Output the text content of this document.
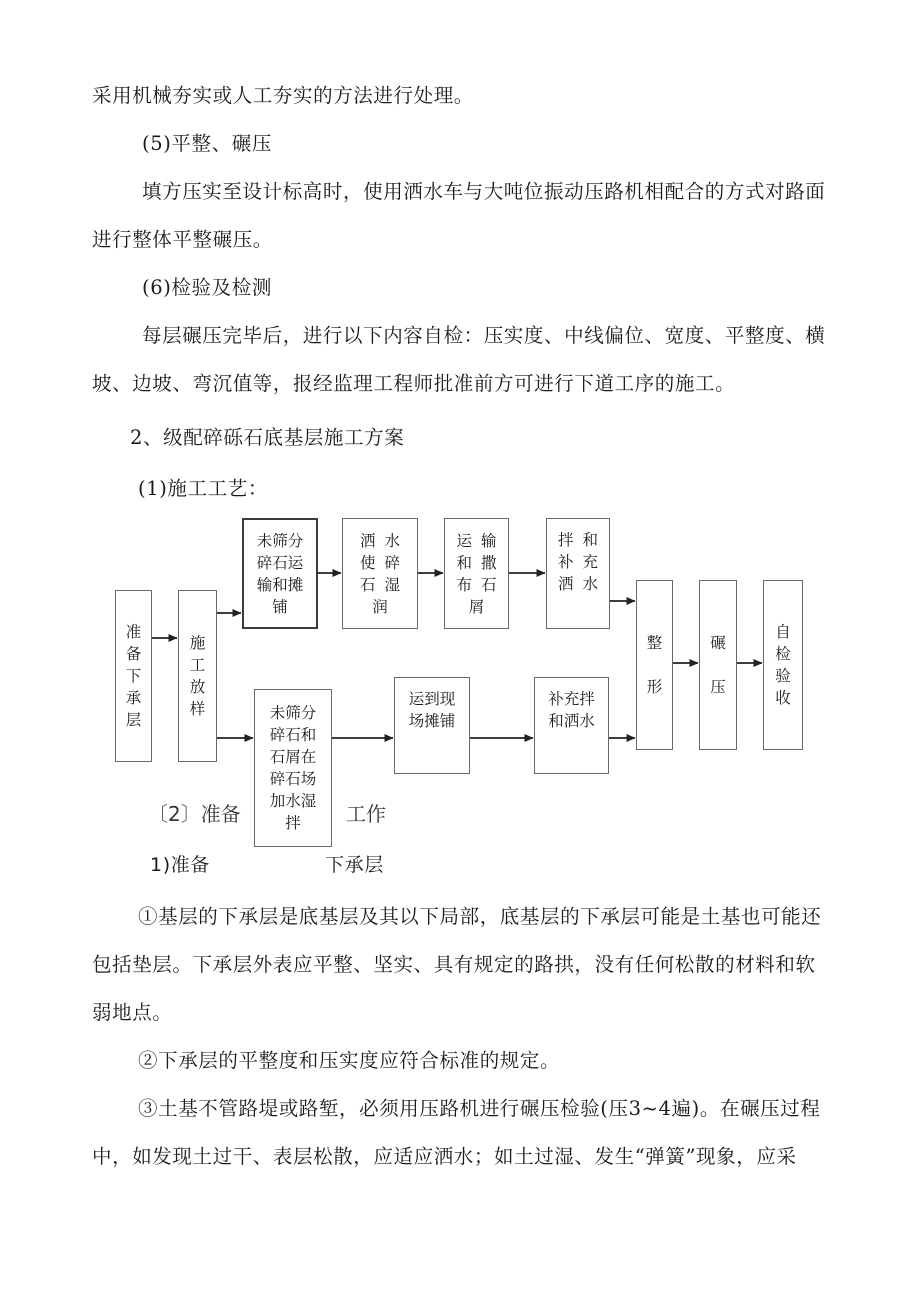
采用机械夯实或人工夯实的方法进行处理。
(5)平整、碾压
填方压实至设计标高时，使用洒水车与大吨位振动压路机相配合的方式对路面
进行整体平整碾压。
(6)检验及检测
每层碾压完毕后，进行以下内容自检：压实度、中线偏位、宽度、平整度、横
坡、边坡、弯沉值等，报经监理工程师批准前方可进行下道工序的施工。
2、级配碎砾石底基层施工方案
(1)施工工艺：
准
备
下
承
层
施
工
放
样
未筛分
碎石运
输和摊
铺
洒水
使碎
石湿
润
运输
和撒
布石
屑
拌和
补充
洒水
未筛分
碎石和
石屑在
碎石场
加水湿
拌
运到现
场摊铺
补充拌
和洒水
整
形
碾
压
自
检
验
收
〔2〕准备	工作
1)准备	下承层
①基层的下承层是底基层及其以下局部，底基层的下承层可能是土基也可能还
包括垫层。下承层外表应平整、坚实、具有规定的路拱，没有任何松散的材料和软
弱地点。
②下承层的平整度和压实度应符合标准的规定。
③土基不管路堤或路堑，必须用压路机进行碾压检验(压3~4遍)。在碾压过程
中，如发现土过干、表层松散，应适应洒水；如土过湿、发生“弹簧”现象，应采
